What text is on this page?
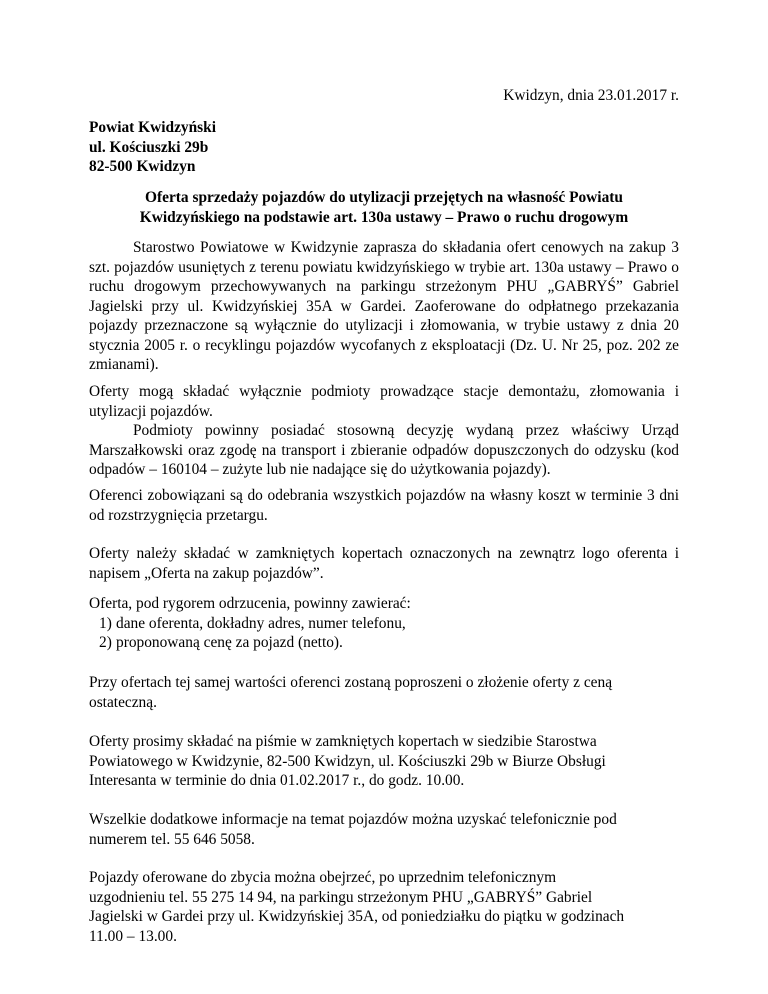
Kwidzyn, dnia 23.01.2017 r.
Powiat Kwidzyński
ul. Kościuszki 29b
82-500 Kwidzyn
Oferta sprzedaży pojazdów do utylizacji przejętych na własność Powiatu
Kwidzyńskiego na podstawie art. 130a ustawy – Prawo o ruchu drogowym

Starostwo Powiatowe w Kwidzynie zaprasza do składania ofert cenowych na zakup 3 szt. pojazdów usuniętych z terenu powiatu kwidzyńskiego w trybie art. 130a ustawy – Prawo o ruchu drogowym przechowywanych na parkingu strzeżonym PHU „GABRYŚ” Gabriel Jagielski przy ul. Kwidzyńskiej 35A w Gardei. Zaoferowane do odpłatnego przekazania pojazdy przeznaczone są wyłącznie do utylizacji i złomowania, w trybie ustawy z dnia 20 stycznia 2005 r. o recyklingu pojazdów wycofanych z eksploatacji (Dz. U. Nr 25, poz. 202 ze zmianami).

Oferty mogą składać wyłącznie podmioty prowadzące stacje demontażu, złomowania i utylizacji pojazdów.

Podmioty powinny posiadać stosowną decyzję wydaną przez właściwy Urząd Marszałkowski oraz zgodę na transport i zbieranie odpadów dopuszczonych do odzysku (kod odpadów – 160104 – zużyte lub nie nadające się do użytkowania pojazdy).

Oferenci zobowiązani są do odebrania wszystkich pojazdów na własny koszt w terminie 3 dni od rozstrzygnięcia przetargu.

Oferty należy składać w zamkniętych kopertach oznaczonych na zewnątrz logo oferenta i napisem „Oferta na zakup pojazdów”.

Oferta, pod rygorem odrzucenia, powinny zawierać:
1) dane oferenta, dokładny adres, numer telefonu,
2) proponowaną cenę za pojazd (netto).
Przy ofertach tej samej wartości oferenci zostaną poproszeni o złożenie oferty z ceną
ostateczną.
Oferty prosimy składać na piśmie w zamkniętych kopertach w siedzibie Starostwa
Powiatowego w Kwidzynie, 82-500 Kwidzyn, ul. Kościuszki 29b w Biurze Obsługi
Interesanta w terminie do dnia 01.02.2017 r., do godz. 10.00.
Wszelkie dodatkowe informacje na temat pojazdów można uzyskać telefonicznie pod
numerem tel. 55 646 5058.
Pojazdy oferowane do zbycia można obejrzeć, po uprzednim telefonicznym
uzgodnieniu tel. 55 275 14 94, na parkingu strzeżonym PHU „GABRYŚ” Gabriel
Jagielski w Gardei przy ul. Kwidzyńskiej 35A, od poniedziałku do piątku w godzinach
11.00 – 13.00.
